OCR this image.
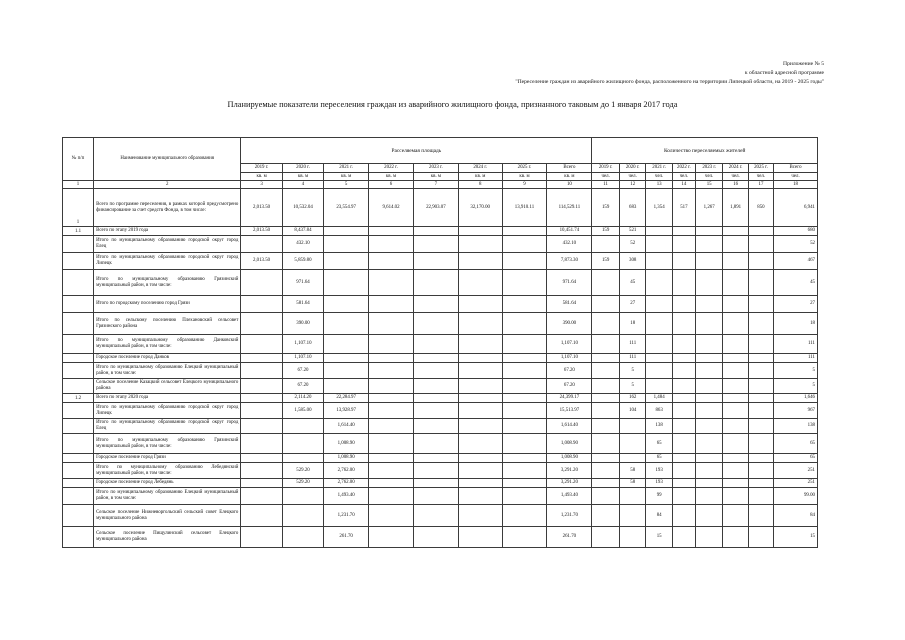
Приложение № 5
к областной адресной программе
"Переселение граждан из аварийного жилищного фонда, расположенного на территории Липецкой области, на 2019 - 2025 годы"
Планируемые показатели переселения граждан из аварийного жилищного фонда, признанного таковым до 1 января 2017 года
№ п/п	Наименование муниципального образования	Расселяемая площадь								Количество переселяемых жителей							
		2019 г.	2020 г.	2021 г.	2022 г.	2023 г.	2024 г.	2025 г.	Всего	2019 г.	2020 г.	2021 г.	2022 г.	2023 г.	2024 г.	2025 г.	Всего
		кв. м	кв. м	кв. м	кв. м	кв. м	кв. м	кв. м	кв. м	чел.	чел.	чел.	чел.	чел.	чел.	чел.	чел.
1	2	3	4	5	6	7	8	9	10	11	12	13	14	15	16	17	18
1	Всего по программе переселения, в рамках которой предусмотрено финансирование за счет средств Фонда, в том числе:	2,013.50	10,532.04	23,554.97	9,614.02	22,903.07	32,170.00	13,910.11	114,529.11	159	683	1,354	517	1,267	1,891	850	6,941
1.1	Всего по этапу 2019 года	2,013.50	8,437.84						10,451.74	159	521						680
	Итого по муниципальному образованию городской округ город Елец		432.10						432.10		52						52
	Итого по муниципальному образованию городской округ город Липецк	2,013.50	5,859.80						7,873.30	159	308						467
	Итого по муниципальному образованию Грязинский муниципальный район, в том числе:		971.64						971.64		45						45
	Итого по городскому поселению город Грязи		581.64						581.64		27						27
	Итого по сельскому поселению Плехановский сельсовет Грязинского района		390.00						390.00		18						18
	Итого по муниципальному образованию Данковский муниципальный район, в том числе:		1,107.10						1,107.10		111						111
	Городское поселение город Данков		1,107.10						1,107.10		111						111
	Итого по муниципальному образованию Елецкий муниципальный район, в том числе:		67.20						67.20		5						5
	Сельское поселение Казацкий сельсовет Елецкого муниципального района		67.20						67.20		5						5
1.2	Всего по этапу 2020 года		2,114.20	22,284.97					24,399.17		162	1,484					1,646
	Итого по муниципальному образованию городской округ город Липецк		1,585.00	13,928.97					15,513.97		104	863					967
	Итого по муниципальному образованию городской округ город Елец			1,614.40					1,614.40			138					138
	Итого по муниципальному образованию Грязинский муниципальный район, в том числе:			1,008.90					1,008.90			65					65
	Городское поселение город Грязи			1,008.90					1,008.90			65					65
	Итого по муниципальному образованию Лебедянский муниципальный район, в том числе:		529.20	2,762.00					3,291.20		58	193					251
	Городское поселение город Лебедянь		529.20	2,762.00					3,291.20		58	193					251
	Итого по муниципальному образованию Елецкий муниципальный район, в том числе:			1,493.40					1,493.40			99					99.00
	Сельское поселение Нижневоргольский сельский совет Елецкого муниципального района			1,231.70					1,231.70			84					84
	Сельское поселение Пищулинский сельсовет Елецкого муниципального района			261.70					261.70			15					15
